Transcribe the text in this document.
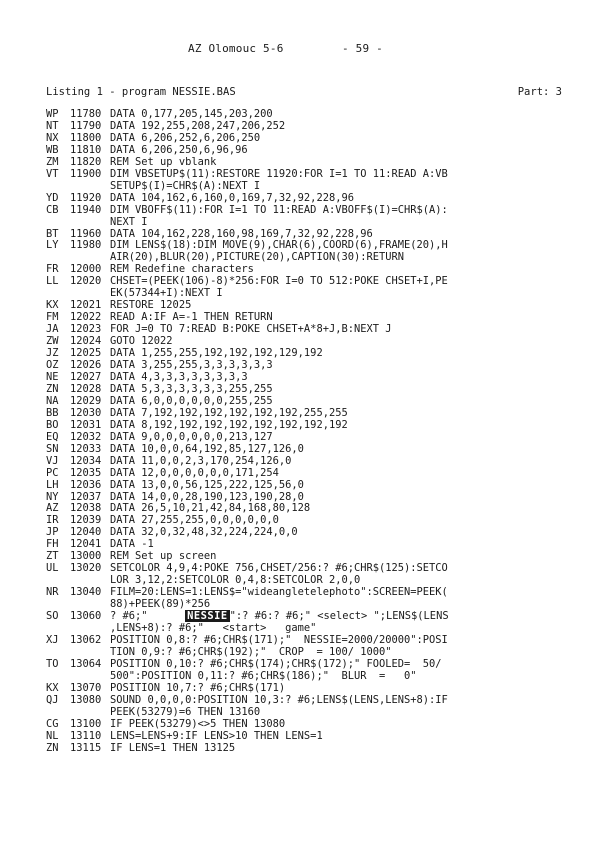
AZ Olomouc 5-6	- 59 -
Listing 1 - program NESSIE.BAS	Part: 3
WP	11780 DATA 0,177,205,145,203,200
NT	11790 DATA 192,255,208,247,206,252
NX	11800 DATA 6,206,252,6,206,250
WB	11810 DATA 6,206,250,6,96,96
ZM	11820 REM Set up vblank
VT	11900 DIM VBSETUP$(11):RESTORE 11920:FOR I=1 TO 11:READ A:VB
SETUP$(I)=CHR$(A):NEXT I
YD	11920 DATA 104,162,6,160,0,169,7,32,92,228,96
CB	11940 DIM VBOFF$(11):FOR I=1 TO 11:READ A:VBOFF$(I)=CHR$(A):
NEXT I
BT	11960 DATA 104,162,228,160,98,169,7,32,92,228,96
LY	11980 DIM LENS$(18):DIM MOVE(9),CHAR(6),COORD(6),FRAME(20),H
AIR(20),BLUR(20),PICTURE(20),CAPTION(30):RETURN
FR	12000 REM Redefine characters
LL	12020 CHSET=(PEEK(106)-8)*256:FOR I=0 TO 512:POKE CHSET+I,PE
EK(57344+I):NEXT I
KX	12021 RESTORE 12025
FM	12022 READ A:IF A=-1 THEN RETURN
JA	12023 FOR J=0 TO 7:READ B:POKE CHSET+A*8+J,B:NEXT J
ZW	12024 GOTO 12022
JZ	12025 DATA 1,255,255,192,192,192,129,192
OZ	12026 DATA 3,255,255,3,3,3,3,3,3
NE	12027 DATA 4,3,3,3,3,3,3,3,3
ZN	12028 DATA 5,3,3,3,3,3,3,255,255
NA	12029 DATA 6,0,0,0,0,0,0,255,255
BB	12030 DATA 7,192,192,192,192,192,192,255,255
BO	12031 DATA 8,192,192,192,192,192,192,192,192
EQ	12032 DATA 9,0,0,0,0,0,0,213,127
SN	12033 DATA 10,0,0,64,192,85,127,126,0
VJ	12034 DATA 11,0,0,2,3,170,254,126,0
PC	12035 DATA 12,0,0,0,0,0,0,171,254
LH	12036 DATA 13,0,0,56,125,222,125,56,0
NY	12037 DATA 14,0,0,28,190,123,190,28,0
AZ	12038 DATA 26,5,10,21,42,84,168,80,128
IR	12039 DATA 27,255,255,0,0,0,0,0,0
JP	12040 DATA 32,0,32,48,32,224,224,0,0
FH	12041 DATA -1
ZT	13000 REM Set up screen
UL	13020 SETCOLOR 4,9,4:POKE 756,CHSET/256:? #6;CHR$(125):SETCO
LOR 3,12,2:SETCOLOR 0,4,8:SETCOLOR 2,0,0
NR	13040 FILM=20:LENS=1:LENS$="wideangletelephoto":SCREEN=PEEK(
88)+PEEK(89)*256
SO	13060 ? #6;"      NESSIE ":? #6:? #6;" <select> ";LENS$(LENS
,LENS+8):? #6;"   <start>   game"
XJ	13062 POSITION 0,8:? #6;CHR$(171);"  NESSIE=2000/20000":POSI
TION 0,9:? #6;CHR$(192);"  CROP  = 100/ 1000"
TO	13064 POSITION 0,10:? #6;CHR$(174);CHR$(172);" FOOLED=  50/
500":POSITION 0,11:? #6;CHR$(186);"  BLUR  =   0"
KX	13070 POSITION 10,7:? #6;CHR$(171)
QJ	13080 SOUND 0,0,0,0:POSITION 10,3:? #6;LENS$(LENS,LENS+8):IF
PEEK(53279)=6 THEN 13160
CG	13100 IF PEEK(53279)<>5 THEN 13080
NL	13110 LENS=LENS+9:IF LENS>10 THEN LENS=1
ZN	13115 IF LENS=1 THEN 13125
